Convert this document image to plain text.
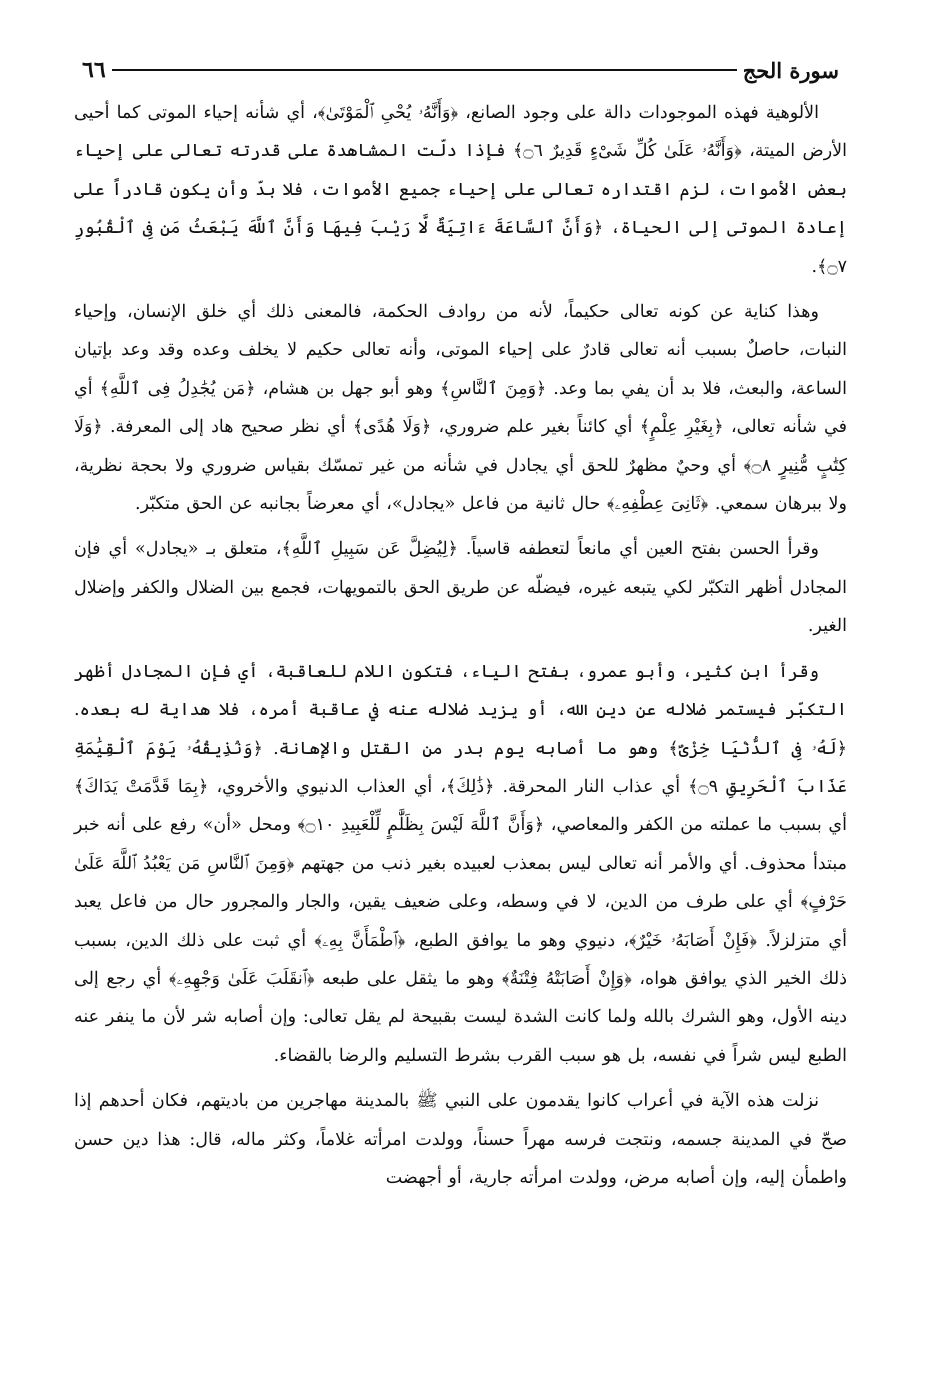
سورة الحج
٦٦

الألوهية فهذه الموجودات دالة على وجود الصانع، ﴿وَأَنَّهُۥ يُحْىِ ٱلْمَوْتَىٰ﴾، أي شأنه إحياء الموتى كما أحيى الأرض الميتة، ﴿وَأَنَّهُۥ عَلَىٰ كُلِّ شَىْءٍ قَدِيرٌ ۝٦﴾ فإذا دلّت المشاهدة على قدرته تعالى على إحياء بعض الأموات، لزم اقتداره تعالى على إحياء جميع الأموات، فلا بدّ وأن يكون قادراً على إعادة الموتى إلى الحياة، ﴿وَأَنَّ ٱلسَّاعَةَ ءَاتِيَةٌ لَّا رَيْبَ فِيهَا وَأَنَّ ٱللَّهَ يَبْعَثُ مَن فِى ٱلْقُبُورِ ۝٧﴾.

وهذا كناية عن كونه تعالى حكيماً، لأنه من روادف الحكمة، فالمعنى ذلك أي خلق الإنسان، وإحياء النبات، حاصلٌ بسبب أنه تعالى قادرٌ على إحياء الموتى، وأنه تعالى حكيم لا يخلف وعده وقد وعد بإتيان الساعة، والبعث، فلا بد أن يفي بما وعد. ﴿وَمِنَ ٱلنَّاسِ﴾ وهو أبو جهل بن هشام، ﴿مَن يُجَٰدِلُ فِى ٱللَّهِ﴾ أي في شأنه تعالى، ﴿بِغَيْرِ عِلْمٍ﴾ أي كائناً بغير علم ضروري، ﴿وَلَا هُدًى﴾ أي نظر صحيح هاد إلى المعرفة. ﴿وَلَا كِتَٰبٍ مُّنِيرٍ ۝٨﴾ أي وحيٌ مظهرٌ للحق أي يجادل في شأنه من غير تمسّك بقياس ضروري ولا بحجة نظرية، ولا ببرهان سمعي. ﴿ثَانِىَ عِطْفِهِۦ﴾ حال ثانية من فاعل «يجادل»، أي معرضاً بجانبه عن الحق متكبّر.

وقرأ الحسن بفتح العين أي مانعاً لتعطفه قاسياً. ﴿لِيُضِلَّ عَن سَبِيلِ ٱللَّهِ﴾، متعلق بـ «يجادل» أي فإن المجادل أظهر التكبّر لكي يتبعه غيره، فيضلّه عن طريق الحق بالتمويهات، فجمع بين الضلال والكفر وإضلال الغير.

وقرأ ابن كثير، وأبو عمرو، بفتح الياء، فتكون اللام للعاقبة، أي فإن المجادل أظهر التكبّر فيستمر ضلاله عن دين الله، أو يزيد ضلاله عنه في عاقبة أمره، فلا هداية له بعده. ﴿لَهُۥ فِى ٱلدُّنْيَا خِزْىٌ﴾ وهو ما أصابه يوم بدر من القتل والإهانة. ﴿وَنُذِيقُهُۥ يَوْمَ ٱلْقِيَٰمَةِ عَذَابَ ٱلْحَرِيقِ ۝٩﴾ أي عذاب النار المحرقة. ﴿ذَٰلِكَ﴾، أي العذاب الدنيوي والأخروي، ﴿بِمَا قَدَّمَتْ يَدَاكَ﴾ أي بسبب ما عملته من الكفر والمعاصي، ﴿وَأَنَّ ٱللَّهَ لَيْسَ بِظَلَّٰمٍ لِّلْعَبِيدِ ۝١٠﴾ ومحل «أن» رفع على أنه خبر مبتدأ محذوف. أي والأمر أنه تعالى ليس بمعذب لعبيده بغير ذنب من جهتهم ﴿وَمِنَ ٱلنَّاسِ مَن يَعْبُدُ ٱللَّهَ عَلَىٰ حَرْفٍ﴾ أي على طرف من الدين، لا في وسطه، وعلى ضعيف يقين، والجار والمجرور حال من فاعل يعبد أي متزلزلاً. ﴿فَإِنْ أَصَابَهُۥ خَيْرٌ﴾، دنيوي وهو ما يوافق الطبع، ﴿ٱطْمَأَنَّ بِهِۦ﴾ أي ثبت على ذلك الدين، بسبب ذلك الخير الذي يوافق هواه، ﴿وَإِنْ أَصَابَتْهُ فِتْنَةٌ﴾ وهو ما يثقل على طبعه ﴿ٱنقَلَبَ عَلَىٰ وَجْهِهِۦ﴾ أي رجع إلى دينه الأول، وهو الشرك بالله ولما كانت الشدة ليست بقبيحة لم يقل تعالى: وإن أصابه شر لأن ما ينفر عنه الطبع ليس شراً في نفسه، بل هو سبب القرب بشرط التسليم والرضا بالقضاء.

نزلت هذه الآية في أعراب كانوا يقدمون على النبي ﷺ بالمدينة مهاجرين من باديتهم، فكان أحدهم إذا صحّ في المدينة جسمه، ونتجت فرسه مهراً حسناً، وولدت امرأته غلاماً، وكثر ماله، قال: هذا دين حسن واطمأن إليه، وإن أصابه مرض، وولدت امرأته جارية، أو أجهضت
